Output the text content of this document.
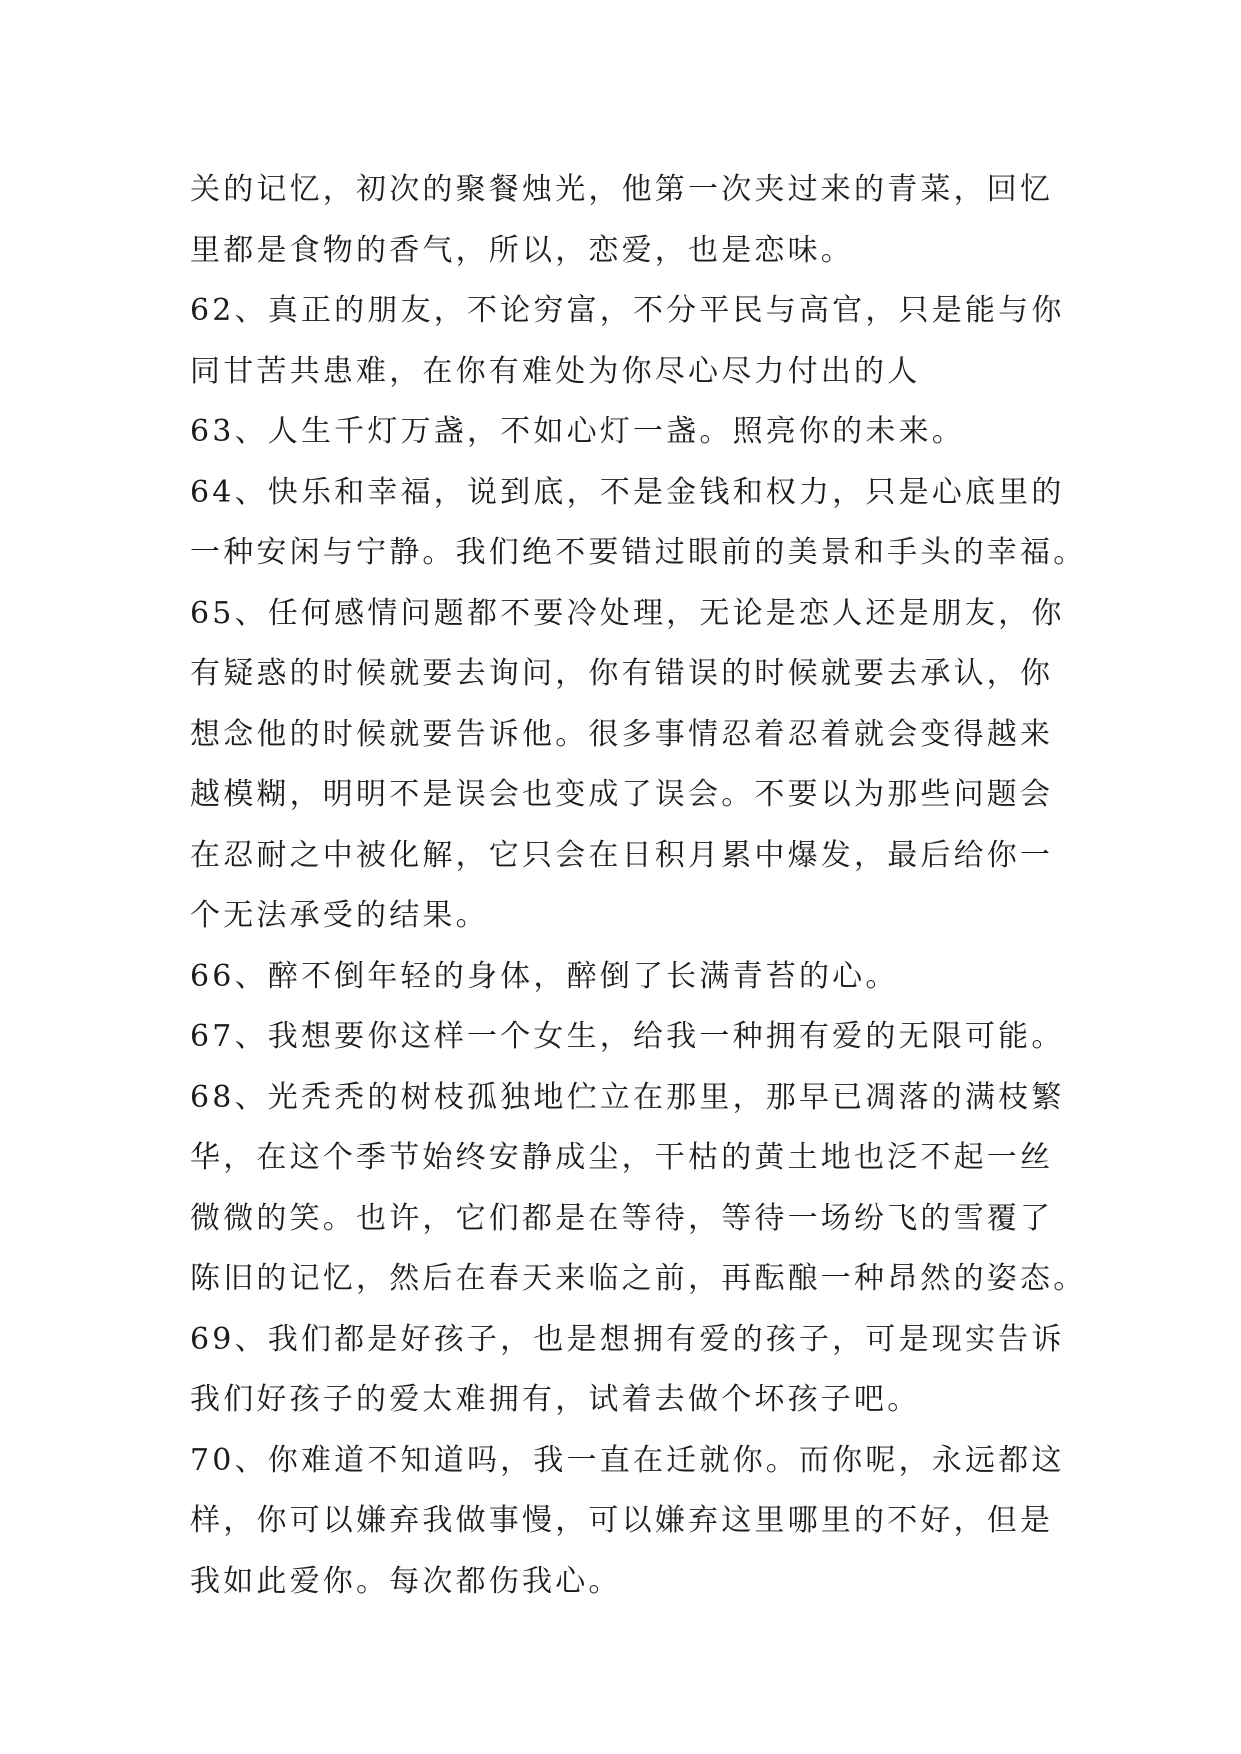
关的记忆，初次的聚餐烛光，他第一次夹过来的青菜，回忆
里都是食物的香气，所以，恋爱，也是恋味。
62、真正的朋友，不论穷富，不分平民与高官，只是能与你
同甘苦共患难，在你有难处为你尽心尽力付出的人
63、人生千灯万盏，不如心灯一盏。照亮你的未来。
64、快乐和幸福，说到底，不是金钱和权力，只是心底里的
一种安闲与宁静。我们绝不要错过眼前的美景和手头的幸福。
65、任何感情问题都不要冷处理，无论是恋人还是朋友，你
有疑惑的时候就要去询问，你有错误的时候就要去承认，你
想念他的时候就要告诉他。很多事情忍着忍着就会变得越来
越模糊，明明不是误会也变成了误会。不要以为那些问题会
在忍耐之中被化解，它只会在日积月累中爆发，最后给你一
个无法承受的结果。
66、醉不倒年轻的身体，醉倒了长满青苔的心。
67、我想要你这样一个女生，给我一种拥有爱的无限可能。
68、光秃秃的树枝孤独地伫立在那里，那早已凋落的满枝繁
华，在这个季节始终安静成尘，干枯的黄土地也泛不起一丝
微微的笑。也许，它们都是在等待，等待一场纷飞的雪覆了
陈旧的记忆，然后在春天来临之前，再酝酿一种昂然的姿态。
69、我们都是好孩子，也是想拥有爱的孩子，可是现实告诉
我们好孩子的爱太难拥有，试着去做个坏孩子吧。
70、你难道不知道吗，我一直在迁就你。而你呢，永远都这
样，你可以嫌弃我做事慢，可以嫌弃这里哪里的不好，但是
我如此爱你。每次都伤我心。
